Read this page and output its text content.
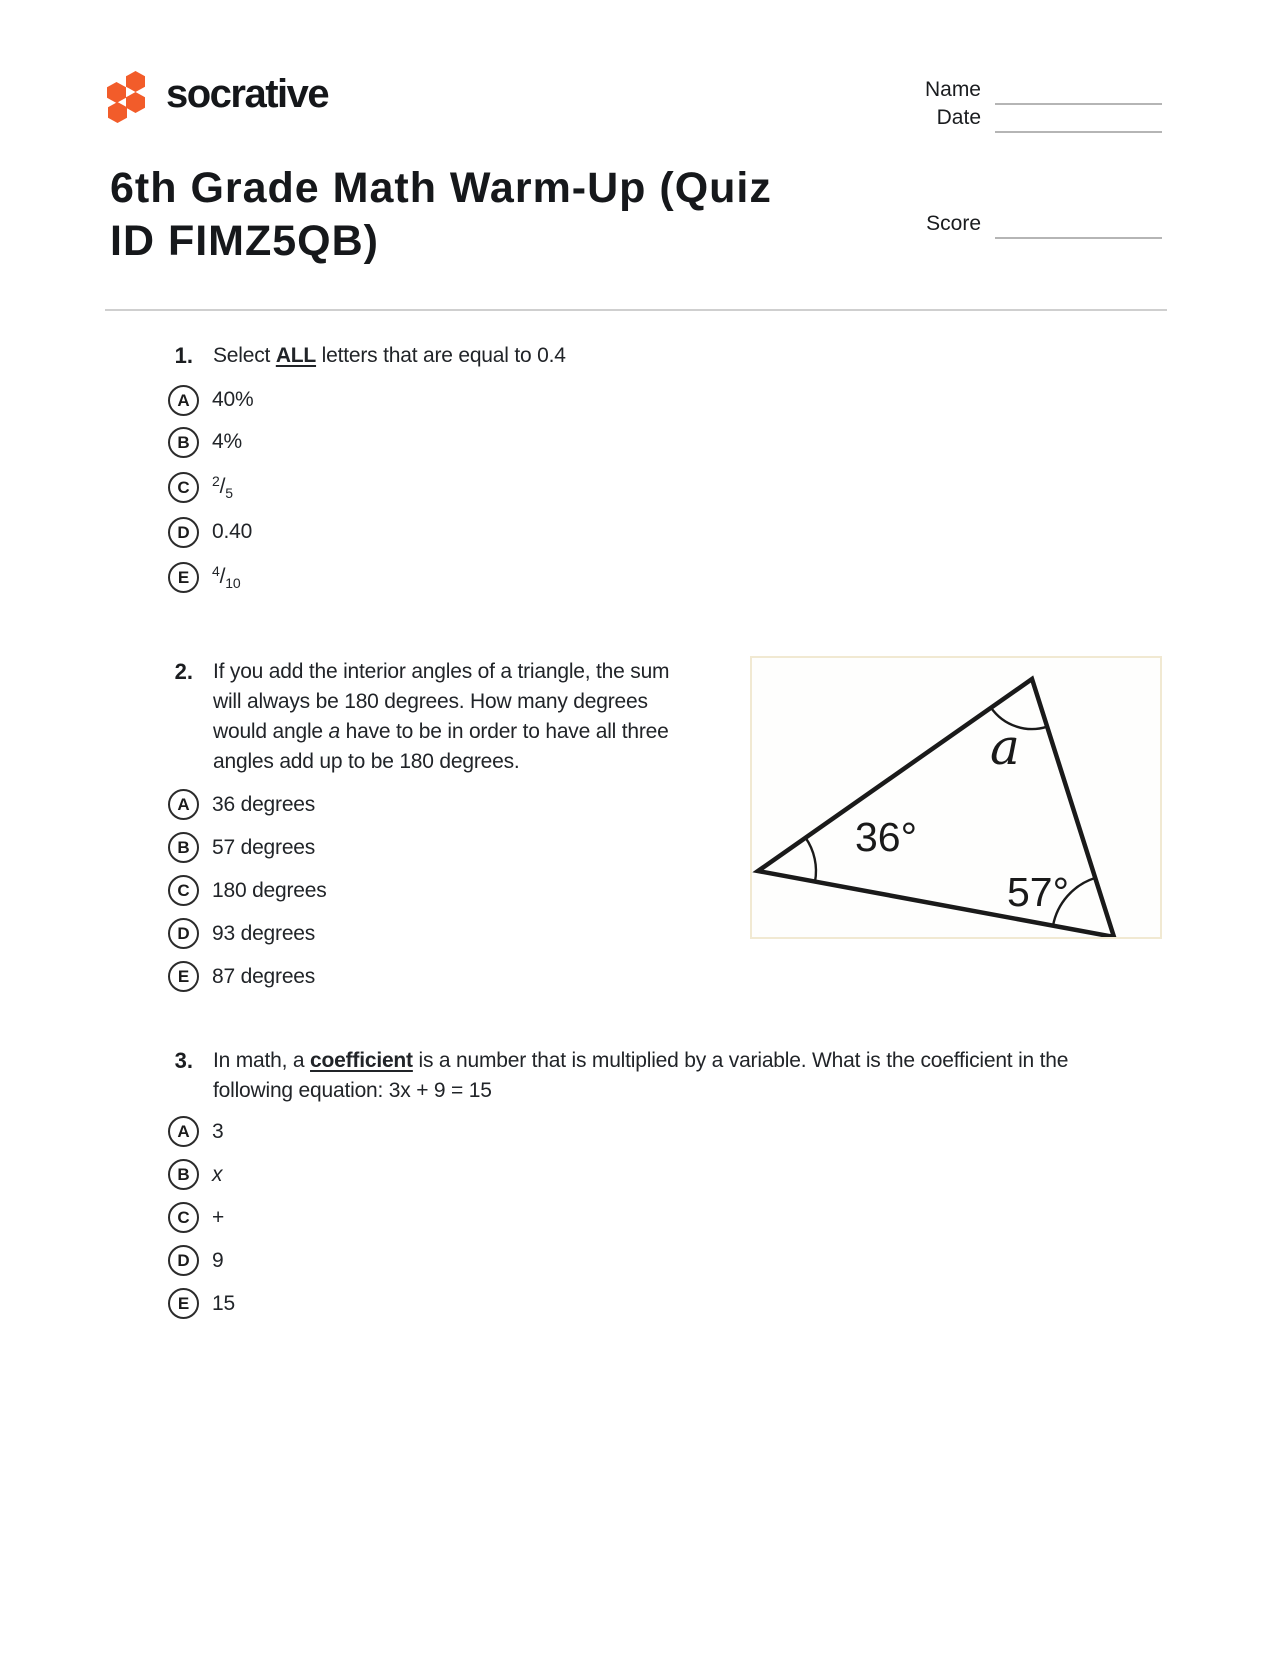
socrative	Name
Date
6th Grade Math Warm-Up (Quiz
ID FIMZ5QB)	Score
1. Select ALL letters that are equal to 0.4
A	40%
B	4%
C	$^2/_5$
D	0.40
E	$^4/_{10}$
2. If you add the interior angles of a triangle, the sum
will always be 180 degrees. How many degrees
would angle a have to be in order to have all three
angles add up to be 180 degrees.
A	36 degrees
B	57 degrees
C	180 degrees
D	93 degrees
E	87 degrees
a
36°
57°
3. In math, a coefficient is a number that is multiplied by a variable. What is the coefficient in the
following equation: 3x + 9 = 15
A	3
B	x
C	+
D	9
E	15
